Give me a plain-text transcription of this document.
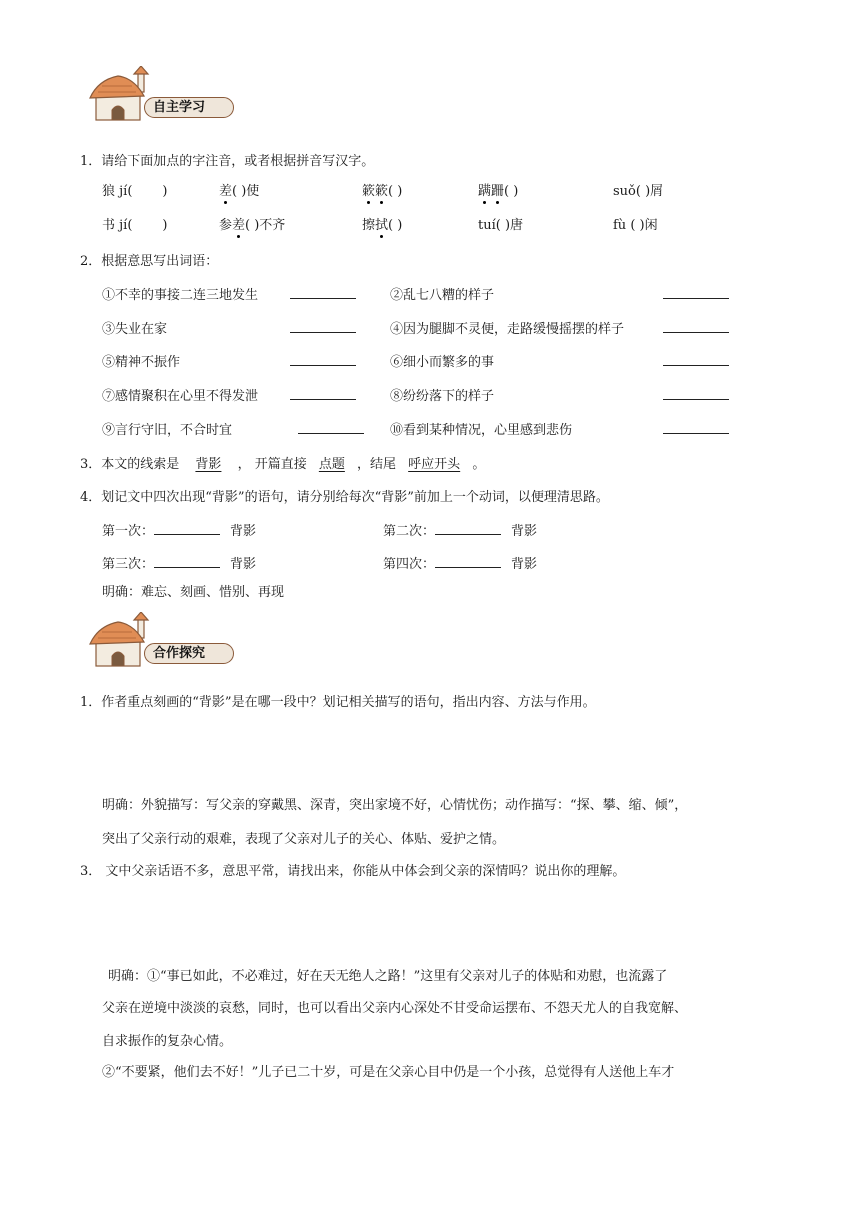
自主学习
1．请给下面加点的字注音，或者根据拼音写汉字。
狼 jí( )	差( )使	簌簌( )	蹒跚( )	suǒ( )屑
书 jí( )	参差( )不齐	擦拭( )	tuí( )唐	fù ( )闲
2．根据意思写出词语：
①不幸的事接二连三地发生	②乱七八糟的样子
③失业在家	④因为腿脚不灵便，走路缓慢摇摆的样子
⑤精神不振作	⑥细小而繁多的事
⑦感情聚积在心里不得发泄	⑧纷纷落下的样子
⑨言行守旧，不合时宜	⑩看到某种情况，心里感到悲伤
3．本文的线索是 背影 ， 开篇直接 点题 ，结尾 呼应开头 。
4．划记文中四次出现“背影”的语句，请分别给每次“背影”前加上一个动词，以便理清思路。
第一次：	背影	第二次：	背影
第三次：	背影	第四次：	背影
明确：难忘、刻画、惜别、再现
合作探究
1．作者重点刻画的“背影”是在哪一段中？划记相关描写的语句，指出内容、方法与作用。
明确：外貌描写：写父亲的穿戴黑、深青，突出家境不好，心情忧伤；动作描写：“探、攀、缩、倾”，
突出了父亲行动的艰难，表现了父亲对儿子的关心、体贴、爱护之情。
3． 文中父亲话语不多，意思平常，请找出来，你能从中体会到父亲的深情吗？说出你的理解。
明确：①“事已如此，不必难过，好在天无绝人之路！”这里有父亲对儿子的体贴和劝慰，也流露了
父亲在逆境中淡淡的哀愁，同时，也可以看出父亲内心深处不甘受命运摆布、不怨天尤人的自我宽解、
自求振作的复杂心情。
②“不要紧，他们去不好！”儿子已二十岁，可是在父亲心目中仍是一个小孩，总觉得有人送他上车才
